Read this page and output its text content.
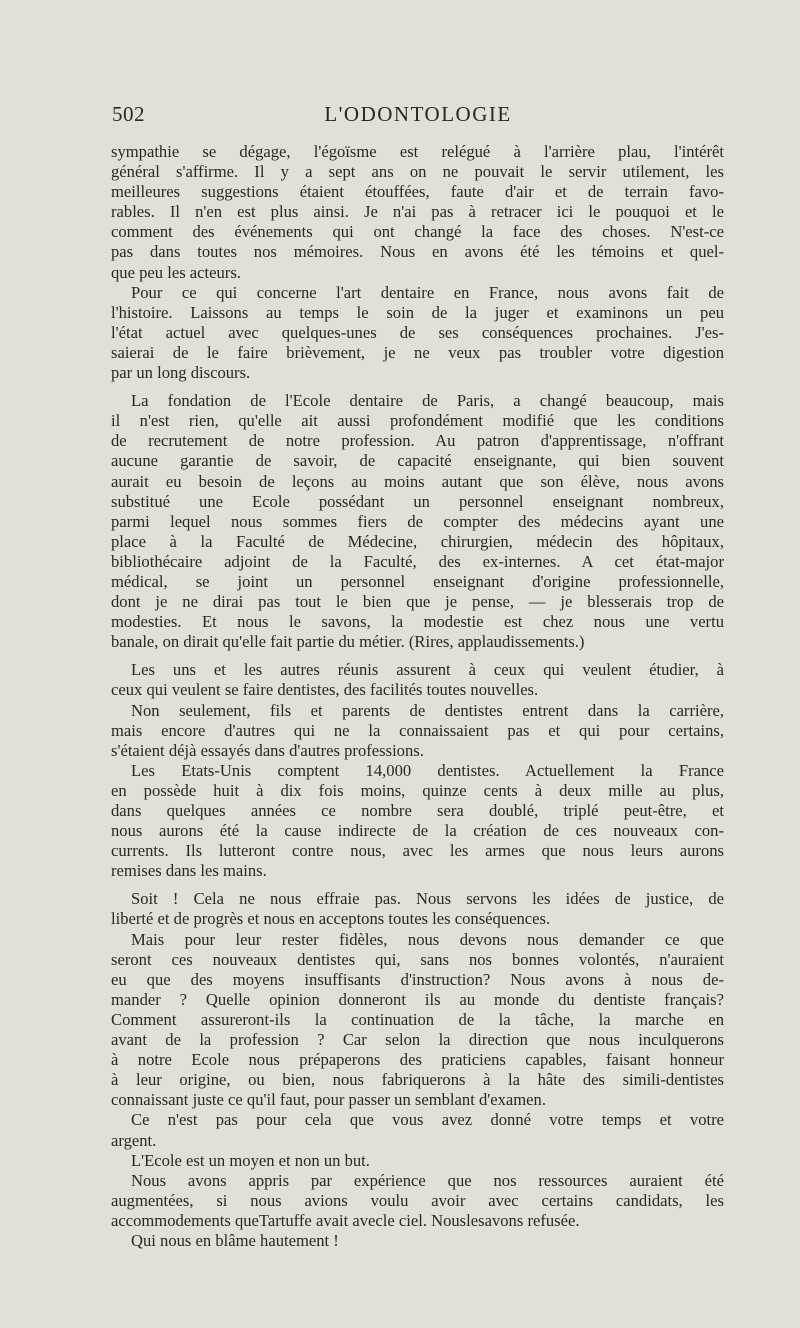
502	L'ODONTOLOGIE
sympathie se dégage, l'égoïsme est relégué à l'arrière plau, l'intérêt
général s'affirme. Il y a sept ans on ne pouvait le servir utilement, les
meilleures suggestions étaient étouffées, faute d'air et de terrain favo-
rables. Il n'en est plus ainsi. Je n'ai pas à retracer ici le pouquoi et le
comment des événements qui ont changé la face des choses. N'est-ce
pas dans toutes nos mémoires. Nous en avons été les témoins et quel-
que peu les acteurs.
Pour ce qui concerne l'art dentaire en France, nous avons fait de
l'histoire. Laissons au temps le soin de la juger et examinons un peu
l'état actuel avec quelques-unes de ses conséquences prochaines. J'es-
saierai de le faire brièvement, je ne veux pas troubler votre digestion
par un long discours.
La fondation de l'Ecole dentaire de Paris, a changé beaucoup, mais
il n'est rien, qu'elle ait aussi profondément modifié que les conditions
de recrutement de notre profession. Au patron d'apprentissage, n'offrant
aucune garantie de savoir, de capacité enseignante, qui bien souvent
aurait eu besoin de leçons au moins autant que son élève, nous avons
substitué une Ecole possédant un personnel enseignant nombreux,
parmi lequel nous sommes fiers de compter des médecins ayant une
place à la Faculté de Médecine, chirurgien, médecin des hôpitaux,
bibliothécaire adjoint de la Faculté, des ex-internes. A cet état-major
médical, se joint un personnel enseignant d'origine professionnelle,
dont je ne dirai pas tout le bien que je pense, — je blesserais trop de
modesties. Et nous le savons, la modestie est chez nous une vertu
banale, on dirait qu'elle fait partie du métier. (Rires, applaudissements.)
Les uns et les autres réunis assurent à ceux qui veulent étudier, à
ceux qui veulent se faire dentistes, des facilités toutes nouvelles.
Non seulement, fils et parents de dentistes entrent dans la carrière,
mais encore d'autres qui ne la connaissaient pas et qui pour certains,
s'étaient déjà essayés dans d'autres professions.
Les Etats-Unis comptent 14,000 dentistes. Actuellement la France
en possède huit à dix fois moins, quinze cents à deux mille au plus,
dans quelques années ce nombre sera doublé, triplé peut-être, et
nous aurons été la cause indirecte de la création de ces nouveaux con-
currents. Ils lutteront contre nous, avec les armes que nous leurs aurons
remises dans les mains.
Soit ! Cela ne nous effraie pas. Nous servons les idées de justice, de
liberté et de progrès et nous en acceptons toutes les conséquences.
Mais pour leur rester fidèles, nous devons nous demander ce que
seront ces nouveaux dentistes qui, sans nos bonnes volontés, n'auraient
eu que des moyens insuffisants d'instruction? Nous avons à nous de-
mander ? Quelle opinion donneront ils au monde du dentiste français?
Comment assureront-ils la continuation de la tâche, la marche en
avant de la profession ? Car selon la direction que nous inculquerons
à notre Ecole nous prépaperons des praticiens capables, faisant honneur
à leur origine, ou bien, nous fabriquerons à la hâte des simili-dentistes
connaissant juste ce qu'il faut, pour passer un semblant d'examen.
Ce n'est pas pour cela que vous avez donné votre temps et votre
argent.
L'Ecole est un moyen et non un but.
Nous avons appris par expérience que nos ressources auraient été
augmentées, si nous avions voulu avoir avec certains candidats, les
accommodements queTartuffe avait avecle ciel. Nouslesavons refusée.
Qui nous en blâme hautement !
